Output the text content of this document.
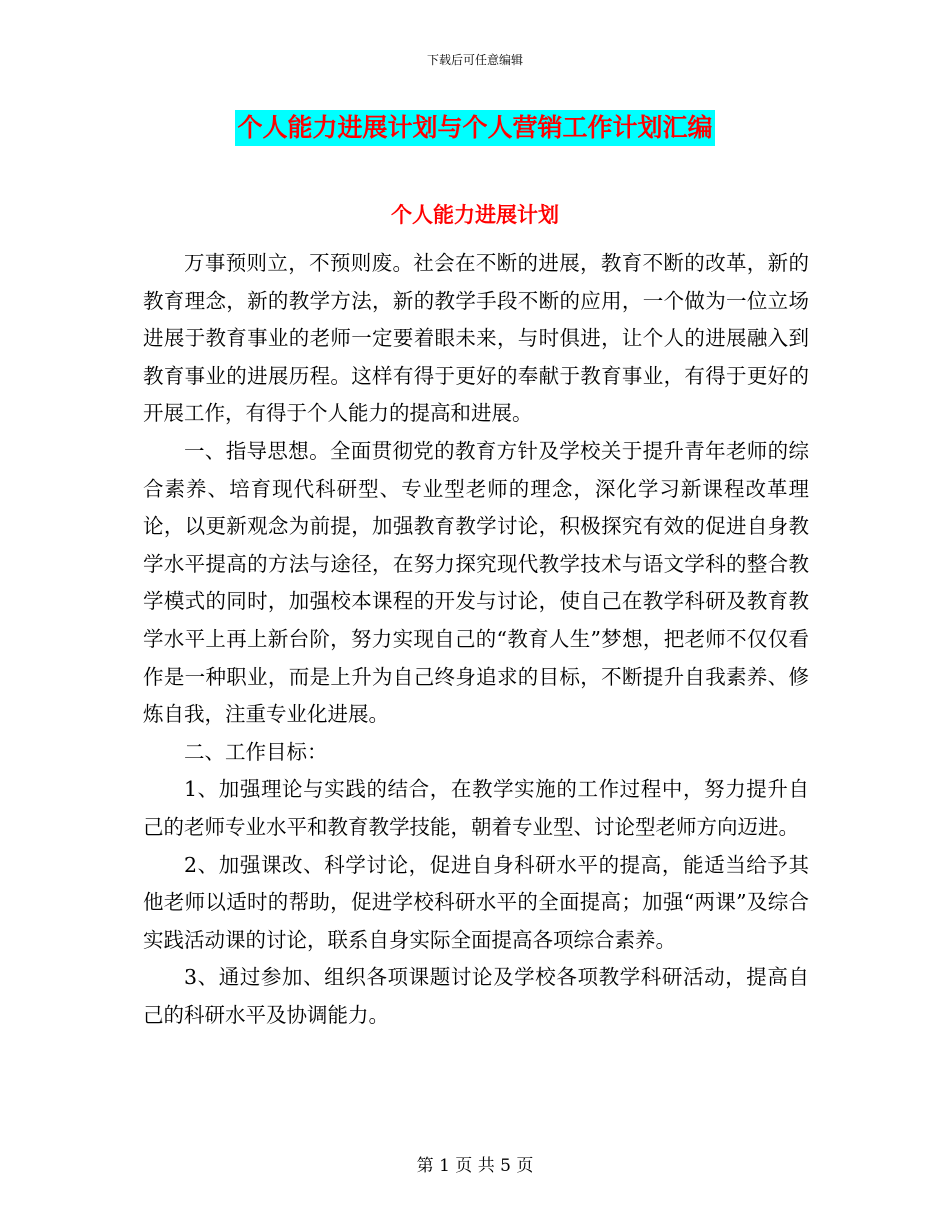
下载后可任意编辑
个人能力进展计划与个人营销工作计划汇编
个人能力进展计划

万事预则立，不预则废。社会在不断的进展，教育不断的改革，新的教育理念，新的教学方法，新的教学手段不断的应用，一个做为一位立场进展于教育事业的老师一定要着眼未来，与时俱进，让个人的进展融入到教育事业的进展历程。这样有得于更好的奉献于教育事业，有得于更好的开展工作，有得于个人能力的提高和进展。

一、指导思想。全面贯彻党的教育方针及学校关于提升青年老师的综合素养、培育现代科研型、专业型老师的理念，深化学习新课程改革理论，以更新观念为前提，加强教育教学讨论，积极探究有效的促进自身教学水平提高的方法与途径，在努力探究现代教学技术与语文学科的整合教学模式的同时，加强校本课程的开发与讨论，使自己在教学科研及教育教学水平上再上新台阶，努力实现自己的“教育人生”梦想，把老师不仅仅看作是一种职业，而是上升为自己终身追求的目标，不断提升自我素养、修炼自我，注重专业化进展。

二、工作目标：

1、加强理论与实践的结合，在教学实施的工作过程中，努力提升自己的老师专业水平和教育教学技能，朝着专业型、讨论型老师方向迈进。

2、加强课改、科学讨论，促进自身科研水平的提高，能适当给予其他老师以适时的帮助，促进学校科研水平的全面提高；加强“两课”及综合实践活动课的讨论，联系自身实际全面提高各项综合素养。

3、通过参加、组织各项课题讨论及学校各项教学科研活动，提高自己的科研水平及协调能力。

第 1 页 共 5 页
